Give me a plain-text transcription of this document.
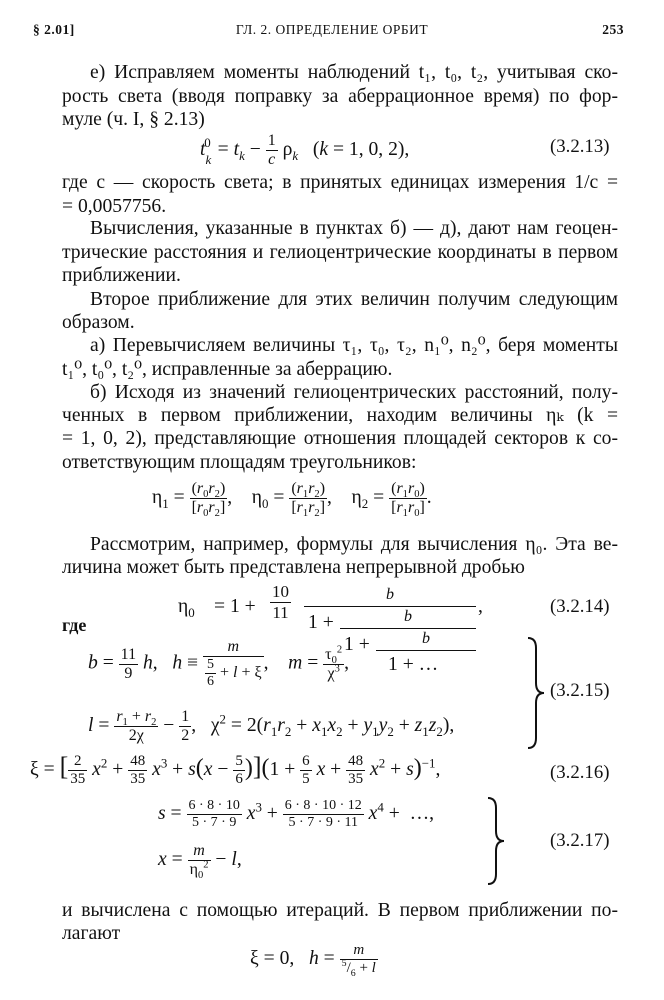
§ 2.01]	ГЛ. 2. ОПРЕДЕЛЕНИЕ ОРБИТ	253
е) Исправляем моменты наблюдений t₁, t₀, t₂, учитывая ско-
рость света (вводя поправку за аберрационное время) по фор-
муле (ч. I, § 2.13)
$t_k^0 = t_k - \frac{1}{c} \rho_k$   (k = 1, 0, 2),	(3.2.13)
где c — скорость света; в принятых единицах измерения 1/c =
= 0,0057756.
Вычисления, указанные в пунктах б) — д), дают нам геоцен-
трические расстояния и гелиоцентрические координаты в первом
приближении.
Второе приближение для этих величин получим следующим
образом.
а) Перевычисляем величины τ₁, τ₀, τ₂, n₁⁰, n₂⁰, беря моменты
t₁⁰, t₀⁰, t₂⁰, исправленные за аберрацию.
б) Исходя из значений гелиоцентрических расстояний, полу-
ченных в первом приближении, находим величины ηₖ (k =
= 1, 0, 2), представляющие отношения площадей секторов к со-
ответствующим площадям треугольников:
$\eta_1 = \frac{(r_0r_2)}{[r_0r_2]}$ ,    $\eta_0 = \frac{(r_1r_2)}{[r_1r_2]}$ ,    $\eta_2 = \frac{(r_1r_0)}{[r_1r_0]}$ .
Рассмотрим, например, формулы для вычисления η₀. Эта ве-
личина может быть представлена непрерывной дробью
$\eta_0 = 1 + \frac{10}{11}$	b
1 +	b
1 +	b
1 + …
,	(3.2.14)
где
$b = \frac{11}{9} h$,   $h \equiv \frac{m}{\frac{5}{6} + l + \xi}$ ,    $m = \frac{\tau_0^2}{\chi^3}$ ,
$l = \frac{r_1 + r_2}{2\chi} - \frac{1}{2}$ ,   $\chi^2 = 2(r_1r_2 + x_1x_2 + y_1y_2 + z_1z_2)$,
(3.2.15)
ξ = [ $\frac{2}{35} x^2 + \frac{48}{35} x^3 + s(x - \frac{5}{6} )](1 + \frac{6}{5}$ $x + \frac{48}{35} x^2 + s)^{-1}$,	(3.2.16)
$s = \frac{6 \cdot 8 \cdot 10}{5 \cdot 7 \cdot 9} x^3 + \frac{6 \cdot 8 \cdot 10 \cdot 12}{5 \cdot 7 \cdot 9 \cdot 11} x^4$ +  …,
$x = \frac{m}{\eta_0^2} - l$,
(3.2.17)
и вычислена с помощью итераций. В первом приближении по-
лагают
ξ = 0,   $h = \frac{m}{^5/_6 + l}$
